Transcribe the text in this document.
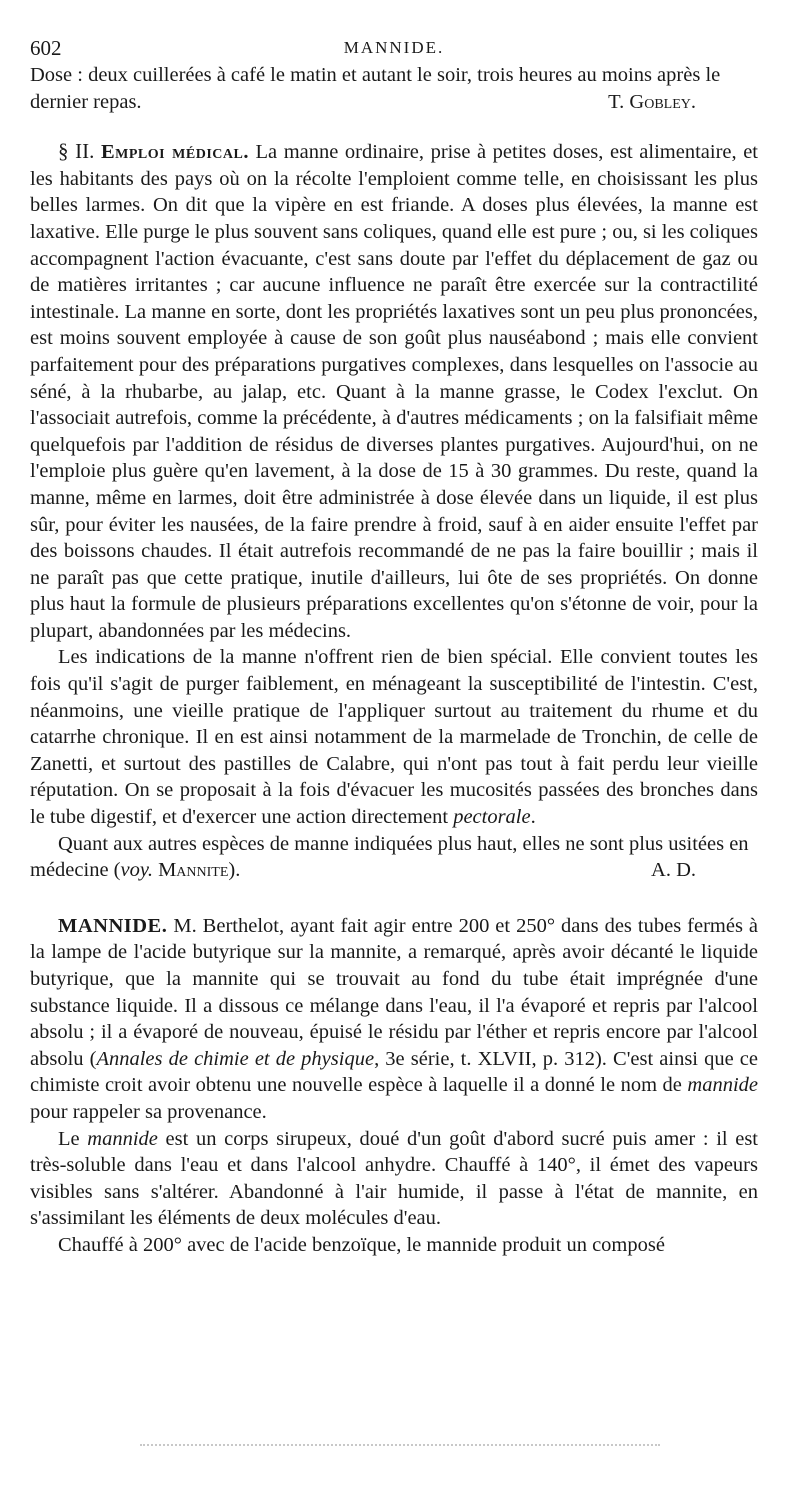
602	MANNIDE.

Dose : deux cuillerées à café le matin et autant le soir, trois heures au moins après le dernier repas.	T. Gobley.

§ II. Emploi médical. La manne ordinaire, prise à petites doses, est alimentaire, et les habitants des pays où on la récolte l'emploient comme telle, en choisissant les plus belles larmes. On dit que la vipère en est friande. A doses plus élevées, la manne est laxative. Elle purge le plus souvent sans coliques, quand elle est pure ; ou, si les coliques accompagnent l'action évacuante, c'est sans doute par l'effet du déplacement de gaz ou de matières irritantes ; car aucune influence ne paraît être exercée sur la contractilité intestinale. La manne en sorte, dont les propriétés laxatives sont un peu plus prononcées, est moins souvent employée à cause de son goût plus nauséabond ; mais elle convient parfaitement pour des préparations purgatives complexes, dans lesquelles on l'associe au séné, à la rhubarbe, au jalap, etc. Quant à la manne grasse, le Codex l'exclut. On l'associait autrefois, comme la précédente, à d'autres médicaments ; on la falsifiait même quelquefois par l'addition de résidus de diverses plantes purgatives. Aujourd'hui, on ne l'emploie plus guère qu'en lavement, à la dose de 15 à 30 grammes. Du reste, quand la manne, même en larmes, doit être administrée à dose élevée dans un liquide, il est plus sûr, pour éviter les nausées, de la faire prendre à froid, sauf à en aider ensuite l'effet par des boissons chaudes. Il était autrefois recommandé de ne pas la faire bouillir ; mais il ne paraît pas que cette pratique, inutile d'ailleurs, lui ôte de ses propriétés. On donne plus haut la formule de plusieurs préparations excellentes qu'on s'étonne de voir, pour la plupart, abandonnées par les médecins.

Les indications de la manne n'offrent rien de bien spécial. Elle convient toutes les fois qu'il s'agit de purger faiblement, en ménageant la susceptibilité de l'intestin. C'est, néanmoins, une vieille pratique de l'appliquer surtout au traitement du rhume et du catarrhe chronique. Il en est ainsi notamment de la marmelade de Tronchin, de celle de Zanetti, et surtout des pastilles de Calabre, qui n'ont pas tout à fait perdu leur vieille réputation. On se proposait à la fois d'évacuer les mucosités passées des bronches dans le tube digestif, et d'exercer une action directement pectorale.

Quant aux autres espèces de manne indiquées plus haut, elles ne sont plus usitées en médecine (voy. Mannite).	A. D.

MANNIDE. M. Berthelot, ayant fait agir entre 200 et 250° dans des tubes fermés à la lampe de l'acide butyrique sur la mannite, a remarqué, après avoir décanté le liquide butyrique, que la mannite qui se trouvait au fond du tube était imprégnée d'une substance liquide. Il a dissous ce mélange dans l'eau, il l'a évaporé et repris par l'alcool absolu ; il a évaporé de nouveau, épuisé le résidu par l'éther et repris encore par l'alcool absolu (Annales de chimie et de physique, 3e série, t. XLVII, p. 312). C'est ainsi que ce chimiste croit avoir obtenu une nouvelle espèce à laquelle il a donné le nom de mannide pour rappeler sa provenance.

Le mannide est un corps sirupeux, doué d'un goût d'abord sucré puis amer : il est très-soluble dans l'eau et dans l'alcool anhydre. Chauffé à 140°, il émet des vapeurs visibles sans s'altérer. Abandonné à l'air humide, il passe à l'état de mannite, en s'assimilant les éléments de deux molécules d'eau.

Chauffé à 200° avec de l'acide benzoïque, le mannide produit un composé
